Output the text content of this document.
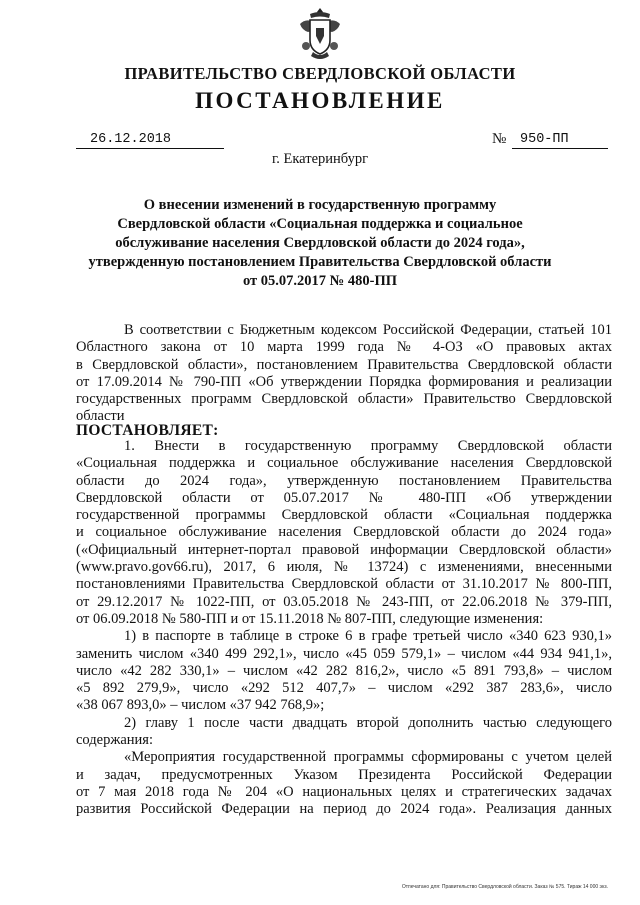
ПРАВИТЕЛЬСТВО СВЕРДЛОВСКОЙ ОБЛАСТИ
ПОСТАНОВЛЕНИЕ
26.12.2018	№	950-ПП
г. Екатеринбург
О внесении изменений в государственную программу
Свердловской области «Социальная поддержка и социальное
обслуживание населения Свердловской области до 2024 года»,
утвержденную постановлением Правительства Свердловской области
от 05.07.2017 № 480-ПП
В соответствии с Бюджетным кодексом Российской Федерации, статьей 101
Областного закона от 10 марта 1999 года № 4-ОЗ «О правовых актах
в Свердловской области», постановлением Правительства Свердловской области
от 17.09.2014 № 790-ПП «Об утверждении Порядка формирования и реализации
государственных программ Свердловской области» Правительство Свердловской
области
ПОСТАНОВЛЯЕТ:
1. Внести в государственную программу Свердловской области
«Социальная поддержка и социальное обслуживание населения Свердловской
области до 2024 года», утвержденную постановлением Правительства
Свердловской области от 05.07.2017 № 480-ПП «Об утверждении
государственной программы Свердловской области «Социальная поддержка
и социальное обслуживание населения Свердловской области до 2024 года»
(«Официальный интернет-портал правовой информации Свердловской области»
(www.pravo.gov66.ru), 2017, 6 июля, № 13724) с изменениями, внесенными
постановлениями Правительства Свердловской области от 31.10.2017 № 800-ПП,
от 29.12.2017 № 1022-ПП, от 03.05.2018 № 243-ПП, от 22.06.2018 № 379-ПП,
от 06.09.2018 № 580-ПП и от 15.11.2018 № 807-ПП, следующие изменения:
1) в паспорте в таблице в строке 6 в графе третьей число «340 623 930,1»
заменить числом «340 499 292,1», число «45 059 579,1» – числом «44 934 941,1»,
число «42 282 330,1» – числом «42 282 816,2», число «5 891 793,8» – числом
«5 892 279,9», число «292 512 407,7» – числом «292 387 283,6», число
«38 067 893,0» – числом «37 942 768,9»;
2) главу 1 после части двадцать второй дополнить частью следующего
содержания:
«Мероприятия государственной программы сформированы с учетом целей
и задач, предусмотренных Указом Президента Российской Федерации
от 7 мая 2018 года № 204 «О национальных целях и стратегических задачах
развития Российской Федерации на период до 2024 года». Реализация данных
Отпечатано для: Правительство Свердловской области. Заказ № 575. Тираж 14 000 экз.
